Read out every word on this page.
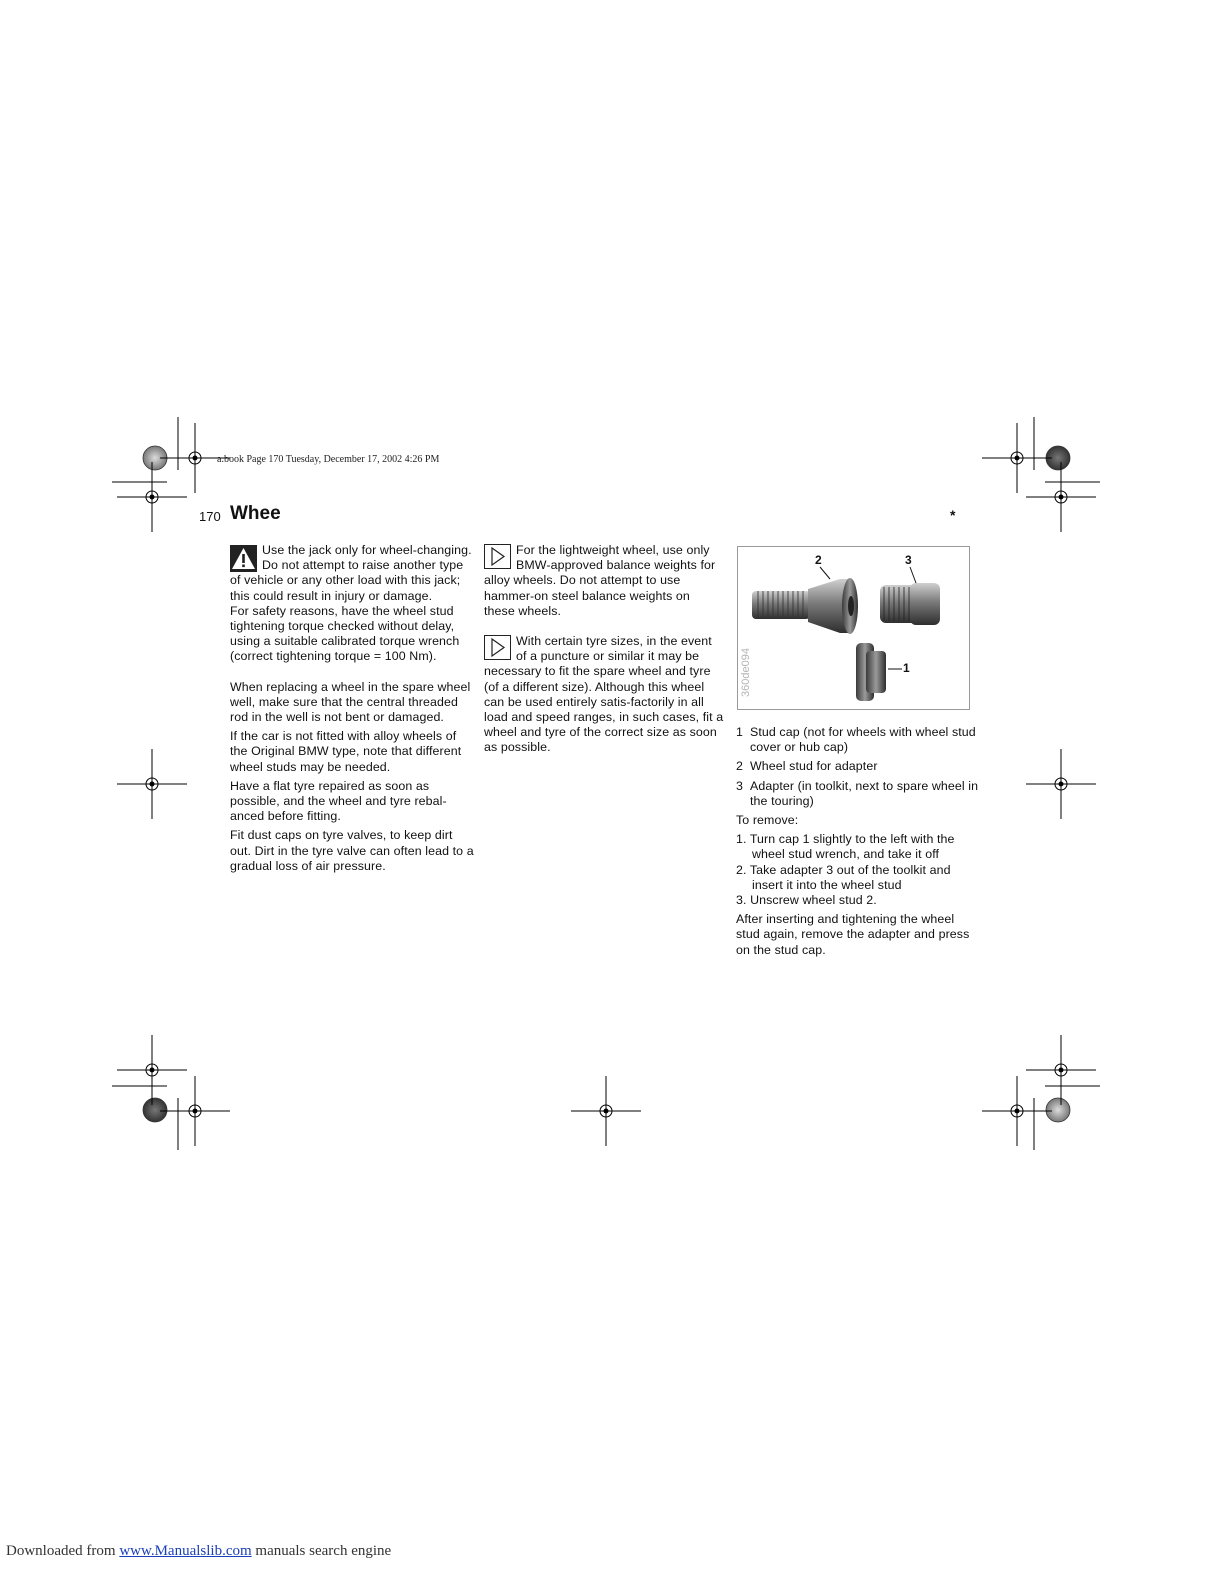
a.book Page 170 Tuesday, December 17, 2002 4:26 PM
170 Whee	*

Use the jack only for wheel-changing. Do not attempt to raise another type of vehicle or any other load with this jack; this could result in injury or damage.

For safety reasons, have the wheel stud tightening torque checked without delay, using a suitable calibrated torque wrench (correct tightening torque = 100 Nm).

When replacing a wheel in the spare wheel well, make sure that the central threaded rod in the well is not bent or damaged.

If the car is not fitted with alloy wheels of the Original BMW type, note that different wheel studs may be needed.

Have a flat tyre repaired as soon as possible, and the wheel and tyre rebal-anced before fitting.

Fit dust caps on tyre valves, to keep dirt out. Dirt in the tyre valve can often lead to a gradual loss of air pressure.

For the lightweight wheel, use only BMW-approved balance weights for alloy wheels. Do not attempt to use hammer-on steel balance weights on these wheels.

With certain tyre sizes, in the event of a puncture or similar it may be necessary to fit the spare wheel and tyre (of a different size). Although this wheel can be used entirely satis-factorily in all load and speed ranges, in such cases, fit a wheel and tyre of the correct size as soon as possible.

2	3
1
360de094
1 Stud cap (not for wheels with wheel stud cover or hub cap)
2 Wheel stud for adapter
3 Adapter (in toolkit, next to spare wheel in the touring)

To remove:

1. Turn cap 1 slightly to the left with the wheel stud wrench, and take it off

2. Take adapter 3 out of the toolkit and insert it into the wheel stud

3. Unscrew wheel stud 2.

After inserting and tightening the wheel stud again, remove the adapter and press on the stud cap.

Downloaded from www.Manualslib.com manuals search engine
